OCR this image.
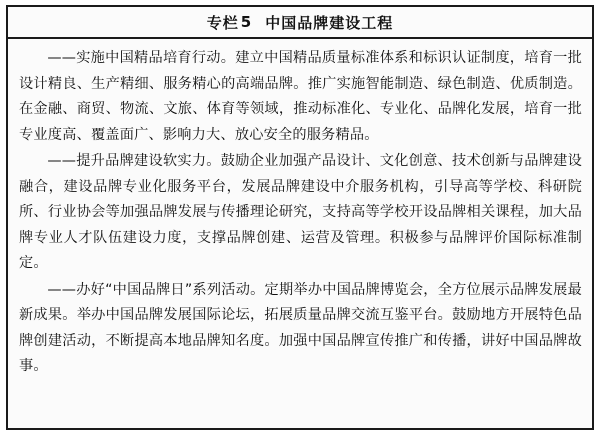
专栏 5 中国品牌建设工程

——实施中国精品培育行动。建立中国精品质量标准体系和标识认证制度，培育一批设计精良、生产精细、服务精心的高端品牌。推广实施智能制造、绿色制造、优质制造。在金融、商贸、物流、文旅、体育等领域，推动标准化、专业化、品牌化发展，培育一批专业度高、覆盖面广、影响力大、放心安全的服务精品。

——提升品牌建设软实力。鼓励企业加强产品设计、文化创意、技术创新与品牌建设融合，建设品牌专业化服务平台，发展品牌建设中介服务机构，引导高等学校、科研院所、行业协会等加强品牌发展与传播理论研究，支持高等学校开设品牌相关课程，加大品牌专业人才队伍建设力度，支撑品牌创建、运营及管理。积极参与品牌评价国际标准制定。

——办好“中国品牌日”系列活动。定期举办中国品牌博览会，全方位展示品牌发展最新成果。举办中国品牌发展国际论坛，拓展质量品牌交流互鉴平台。鼓励地方开展特色品牌创建活动，不断提高本地品牌知名度。加强中国品牌宣传推广和传播，讲好中国品牌故事。
